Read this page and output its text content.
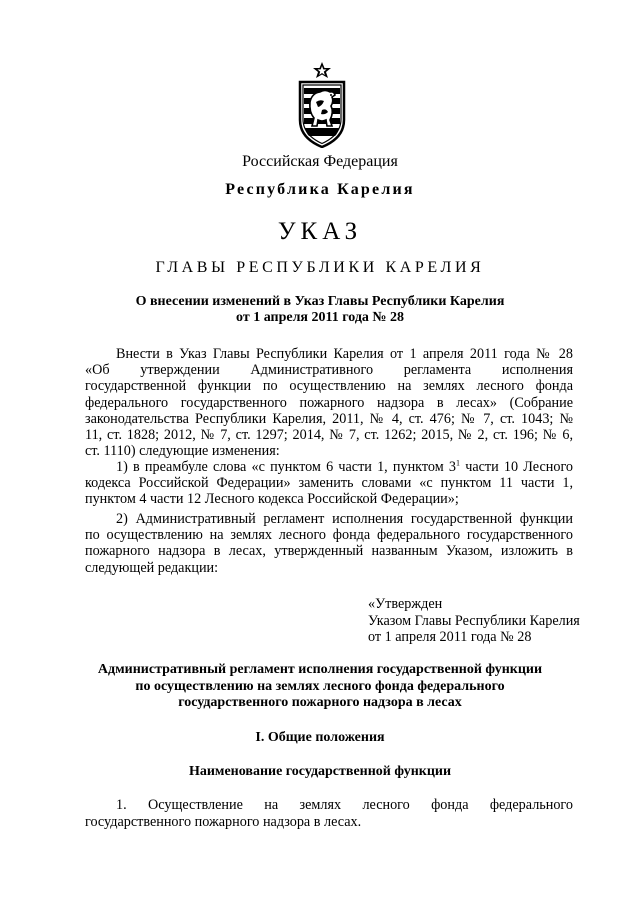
Российская Федерация
Республика Карелия
УКАЗ
ГЛАВЫ РЕСПУБЛИКИ КАРЕЛИЯ
О внесении изменений в Указ Главы Республики Карелия
от 1 апреля 2011 года № 28
Внести в Указ Главы Республики Карелия от 1 апреля 2011 года № 28
«Об утверждении Административного регламента исполнения
государственной функции по осуществлению на землях лесного фонда
федерального государственного пожарного надзора в лесах» (Собрание
законодательства Республики Карелия, 2011, № 4, ст. 476; № 7, ст. 1043; №
11, ст. 1828; 2012, № 7, ст. 1297; 2014, № 7, ст. 1262; 2015, № 2, ст. 196; № 6,
ст. 1110) следующие изменения:
1) в преамбуле слова «с пунктом 6 части 1, пунктом $3^1$ части 10 Лесного
кодекса Российской Федерации» заменить словами «с пунктом 11 части 1,
пунктом 4 части 12 Лесного кодекса Российской Федерации»;
2) Административный регламент исполнения государственной функции
по осуществлению на землях лесного фонда федерального государственного
пожарного надзора в лесах, утвержденный названным Указом, изложить в
следующей редакции:
«Утвержден
Указом Главы Республики Карелия
от 1 апреля 2011 года № 28
Административный регламент исполнения государственной функции
по осуществлению на землях лесного фонда федерального
государственного пожарного надзора в лесах
I. Общие положения
Наименование государственной функции
1. Осуществление на землях лесного фонда федерального
государственного пожарного надзора в лесах.
